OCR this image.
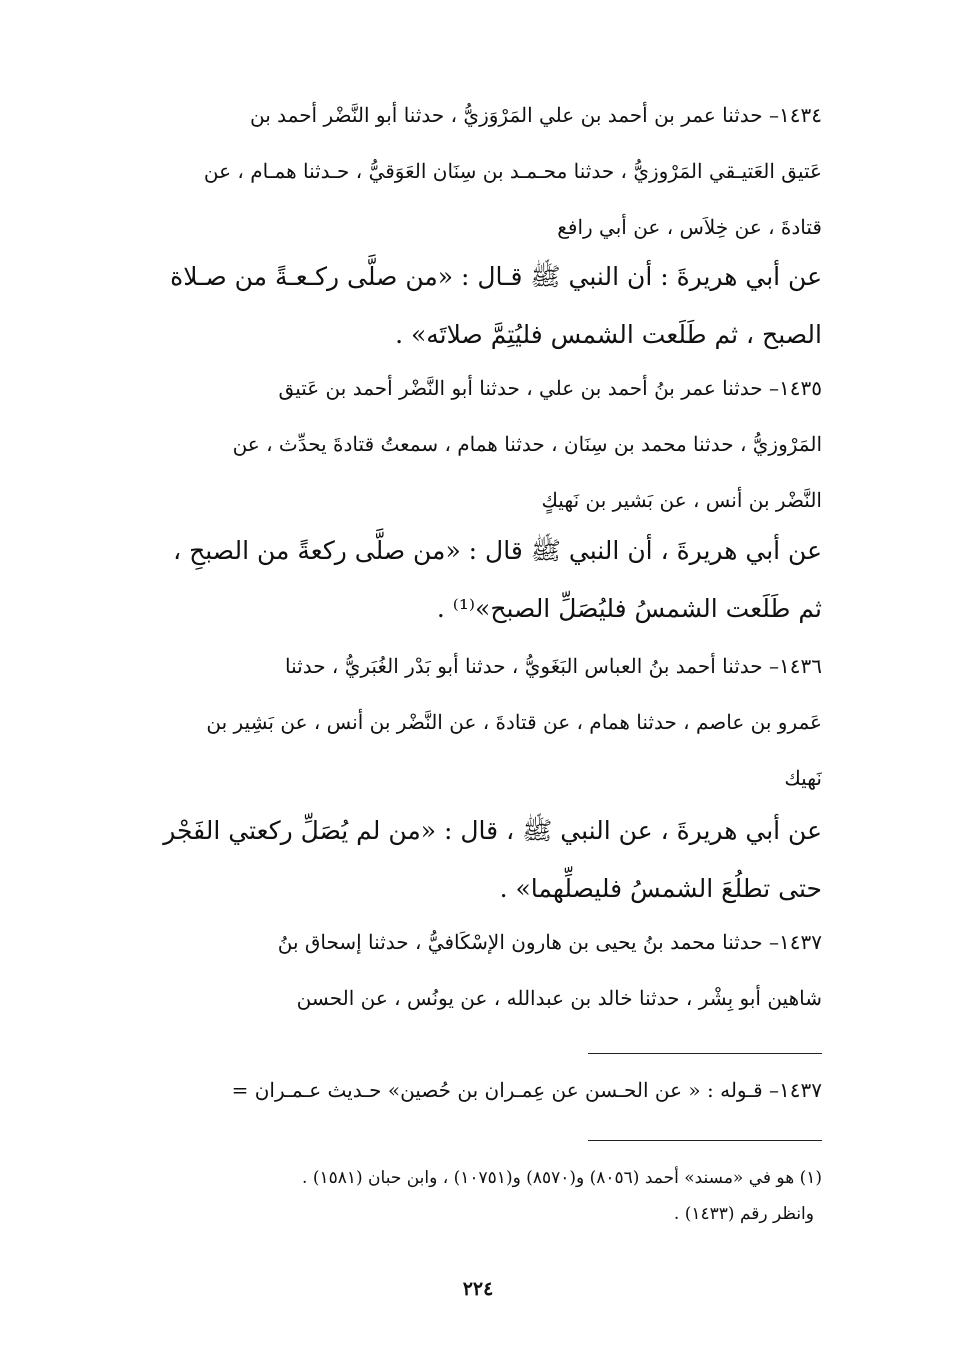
١٤٣٤– حدثنا عمر بن أحمد بن علي المَرْوَزيُّ ، حدثنا أبو النَّضْر أحمد بن
عَتيق العَتيـقي المَرْوزيُّ ، حدثنا محـمـد بن سِنَان العَوَقيُّ ، حـدثنا همـام ، عن
قتادةَ ، عن خِلاَس ، عن أبي رافع
عن أبي هريرةَ : أن النبي ﷺ قـال : «من صلَّى ركـعـةً من صـلاة
الصبح ، ثم طَلَعت الشمس فليُتِمَّ صلاتَه» .
١٤٣٥– حدثنا عمر بنُ أحمد بن علي ، حدثنا أبو النَّضْر أحمد بن عَتيق
المَرْوزيُّ ، حدثنا محمد بن سِنَان ، حدثنا همام ، سمعتُ قتادةَ يحدِّث ، عن
النَّضْر بن أنس ، عن بَشير بن نَهيكٍ
عن أبي هريرةَ ، أن النبي ﷺ قال : «من صلَّى ركعةً من الصبحِ ،
ثم طَلَعت الشمسُ فليُصَلِّ الصبح»⁽¹⁾ .
١٤٣٦– حدثنا أحمد بنُ العباس البَغَويُّ ، حدثنا أبو بَدْر الغُبَريُّ ، حدثنا
عَمرو بن عاصم ، حدثنا همام ، عن قتادةَ ، عن النَّضْر بن أنس ، عن بَشِير بن
نَهيك
عن أبي هريرةَ ، عن النبي ﷺ ، قال : «من لم يُصَلِّ ركعتي الفَجْر
حتى تطلُعَ الشمسُ فليصلِّهما» .
١٤٣٧– حدثنا محمد بنُ يحيى بن هارون الإسْكَافيُّ ، حدثنا إسحاق بنُ
شاهين أبو بِشْر ، حدثنا خالد بن عبدالله ، عن يونُس ، عن الحسن
١٤٣٧– قـوله : « عن الحـسن عن عِمـران بن حُصين» حـديث عـمـران =
(١) هو في «مسند» أحمد (٨٠٥٦) و(٨٥٧٠) و(١٠٧٥١) ، وابن حبان (١٥٨١) .
وانظر رقم (١٤٣٣) .
٢٢٤
